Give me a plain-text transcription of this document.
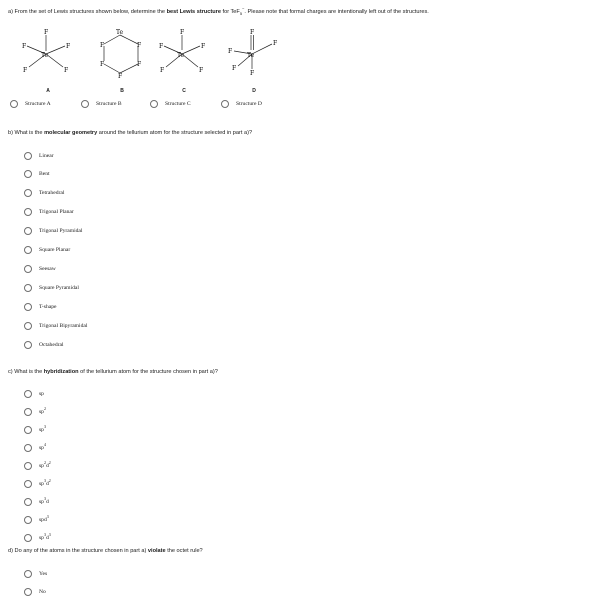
a) From the set of Lewis structures shown below, determine the best Lewis structure for TeF$_5$−. Please note that formal charges are intentionally left out of the structures.
Te
F
F	F
F	F
A
Te
F	F
F	F
F
B
Te
F
F	F
F	F
C
Te
F
F
F
F
F
D
Structure A	Structure B	Structure C	Structure D
b) What is the molecular geometry around the tellurium atom for the structure selected in part a)?
Linear
Bent
Tetrahedral
Trigonal Planar
Trigonal Pyramidal
Square Planar
Seesaw
Square Pyramidal
T-shape
Trigonal Bipyramidal
Octahedral
c) What is the hybridization of the tellurium atom for the structure chosen in part a)?
sp
$sp^2$
$sp^3$
$sp^4$
$sp^2d^2$
$sp^3d^2$
$sp^3d$
spd$^3$
$sp^3d^3$
d) Do any of the atoms in the structure chosen in part a) violate the octet rule?
Yes
No
